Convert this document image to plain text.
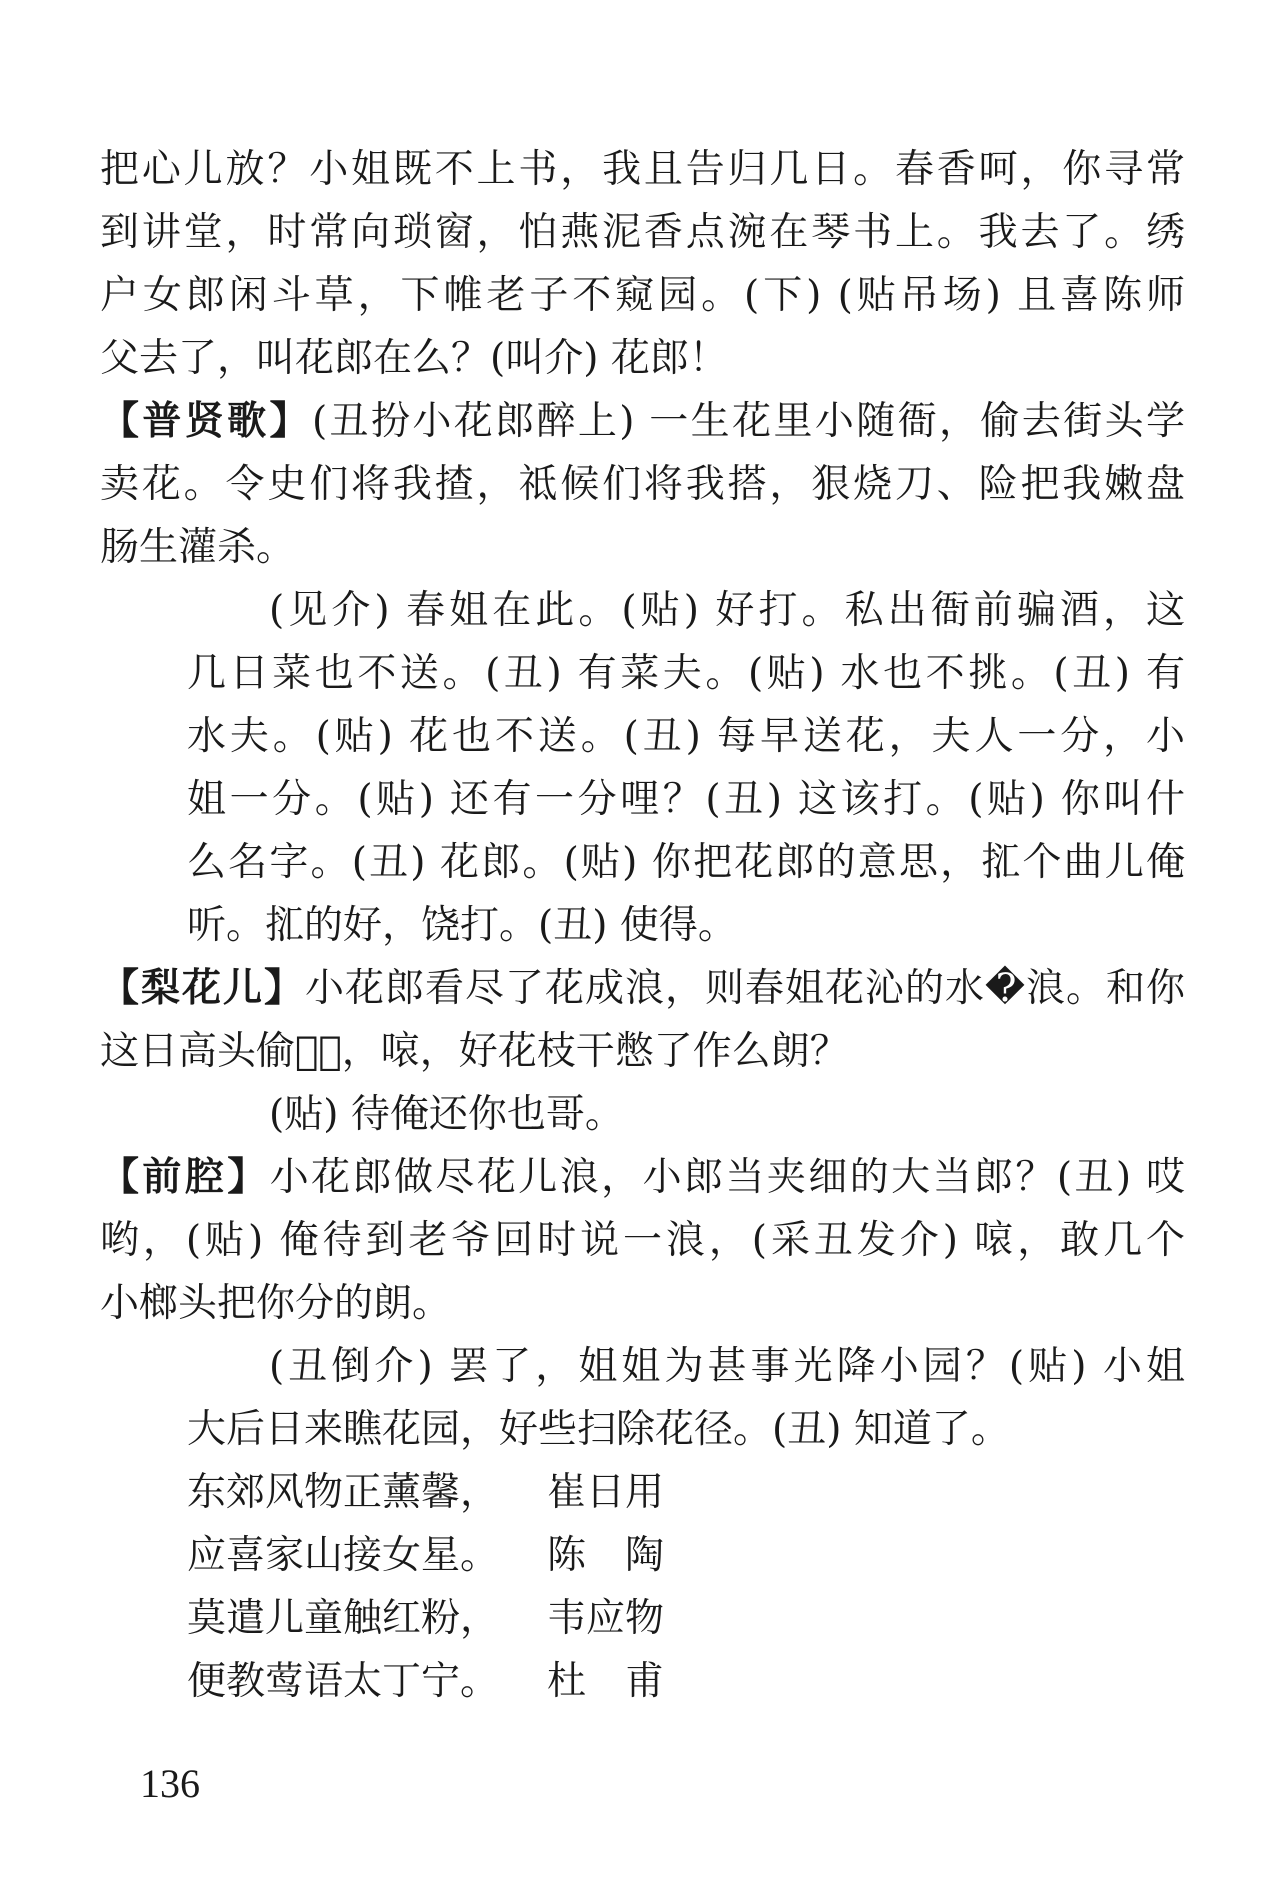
把心儿放？小姐既不上书，我且告归几日。春香呵，你寻常
到讲堂，时常向琐窗，怕燕泥香点涴在琴书上。我去了。绣
户女郎闲斗草，下帷老子不窥园。(下) (贴吊场) 且喜陈师
父去了，叫花郎在么？(叫介) 花郎！
【普贤歌】(丑扮小花郎醉上) 一生花里小随衙，偷去街头学
卖花。令史们将我揸，祗候们将我搭，狠烧刀、险把我嫩盘
肠生灌杀。
(见介) 春姐在此。(贴) 好打。私出衙前骗酒，这
几日菜也不送。(丑) 有菜夫。(贴) 水也不挑。(丑) 有
水夫。(贴) 花也不送。(丑) 每早送花，夫人一分，小
姐一分。(贴) 还有一分哩？(丑) 这该打。(贴) 你叫什
么名字。(丑) 花郎。(贴) 你把花郎的意思，㧟个曲儿俺
听。㧟的好，饶打。(丑) 使得。
【梨花儿】小花郎看尽了花成浪，则春姐花沁的水�浪。和你
这日高头偷𥅋𥅋，㗒，好花枝干憋了作么朗？
(贴) 待俺还你也哥。
【前腔】小花郎做尽花儿浪，小郎当夹细的大当郎？(丑) 哎
哟，(贴) 俺待到老爷回时说一浪，(采丑发介) 㗒，敢几个
小榔头把你分的朗。
(丑倒介) 罢了，姐姐为甚事光降小园？(贴) 小姐
大后日来瞧花园，好些扫除花径。(丑) 知道了。
东郊风物正薰馨， 崔日用
应喜家山接女星。 陈　陶
莫遣儿童触红粉， 韦应物
便教莺语太丁宁。 杜　甫
136
